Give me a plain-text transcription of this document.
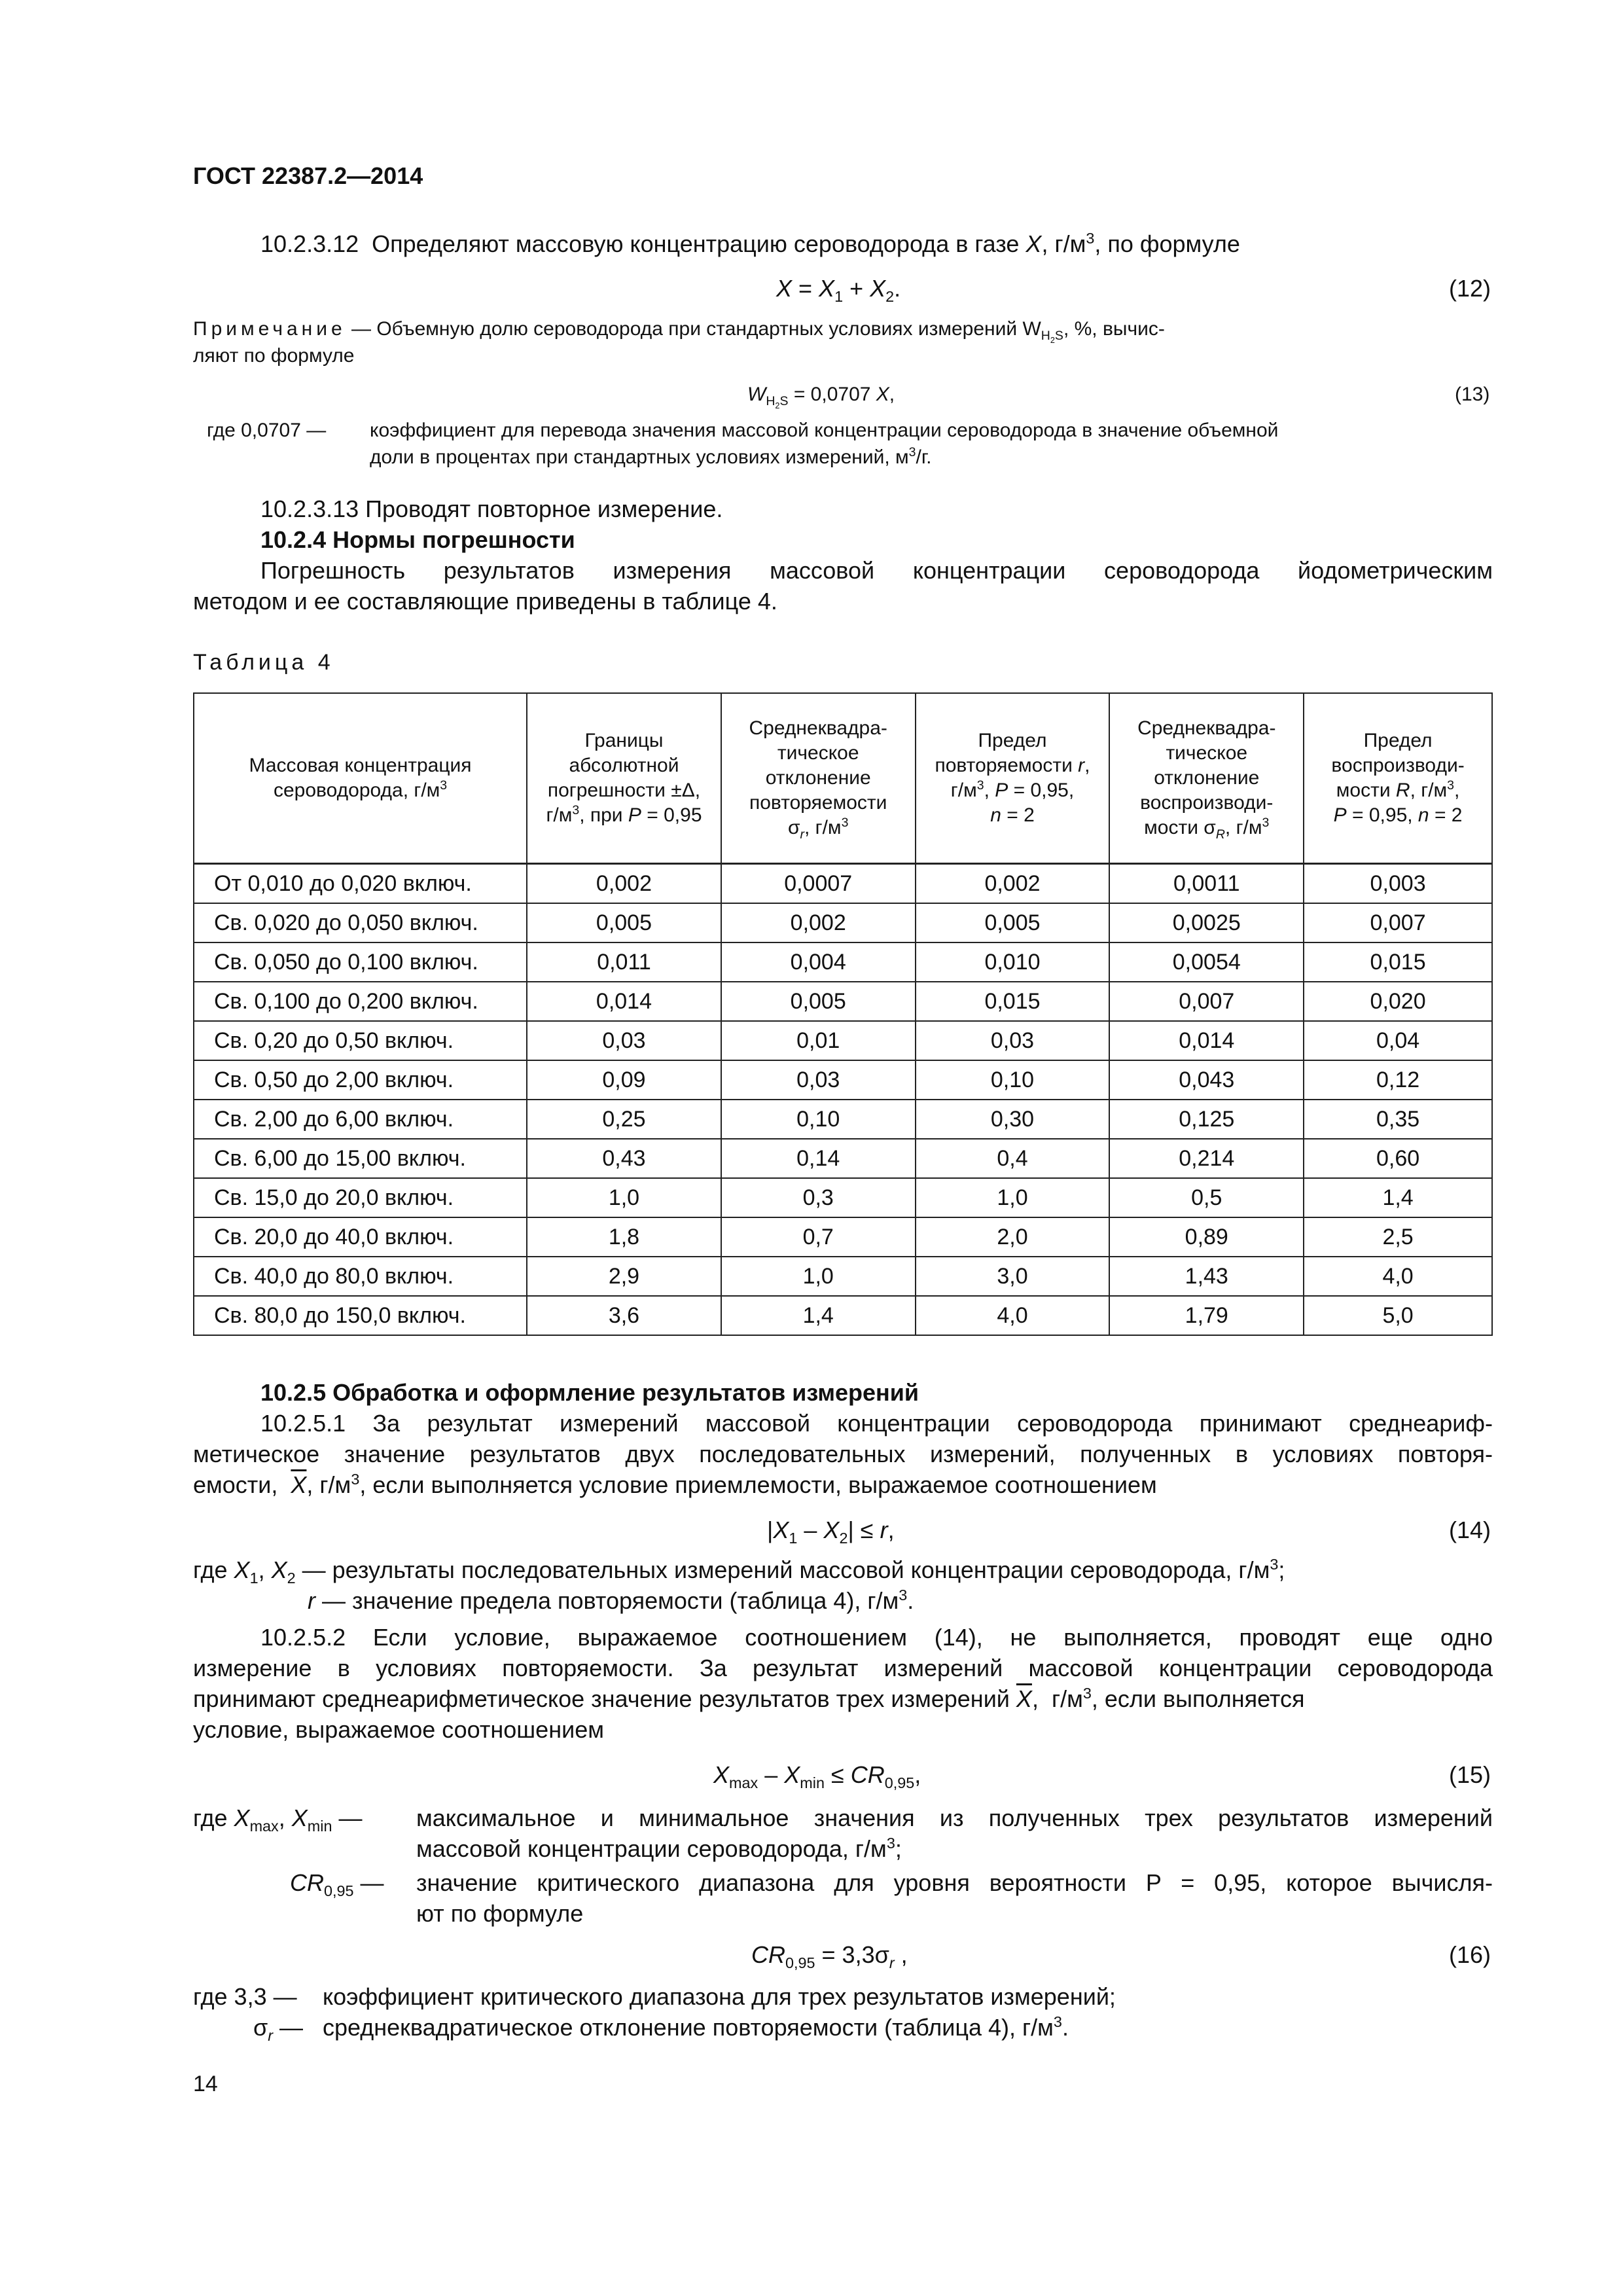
ГОСТ 22387.2—2014
10.2.3.12  Определяют массовую концентрацию сероводорода в газе X, $г/м^3$, по формуле
$X = X_1 + X_2$.	(12)
Примечание — Объемную долю сероводорода при стандартных условиях измерений $W_{H_2S}$, %, вычис-
ляют по формуле
$W_{H_2S} = 0,0707$ X,	(13)
где 0,0707 — коэффициент для перевода значения массовой концентрации сероводорода в значение объемной
доли в процентах при стандартных условиях измерений, $м^3/г$.
10.2.3.13 Проводят повторное измерение.
10.2.4 Нормы погрешности
Погрешность результатов измерения массовой концентрации сероводорода йодометрическим
методом и ее составляющие приведены в таблице 4.
Таблица 4
Массовая концентрация
сероводорода, $г/м^3$	Границы
абсолютной
погрешности ±Δ,
$г/м^3$, при P = 0,95	Среднеквадра-
тическое
отклонение
повторяемости
$\sigma_r$, $г/м^3$	Предел
повторяемости r,
$г/м^3$, P = 0,95,
n = 2	Среднеквадра-
тическое
отклонение
воспроизводи-
мости $\sigma_R$, $г/м^3$	Предел
воспроизводи-
мости R, $г/м^3$,
P = 0,95, n = 2
От 0,010 до 0,020 включ.	0,002	0,0007	0,002	0,0011	0,003
Св. 0,020 до 0,050 включ.	0,005	0,002	0,005	0,0025	0,007
Св. 0,050 до 0,100 включ.	0,011	0,004	0,010	0,0054	0,015
Св. 0,100 до 0,200 включ.	0,014	0,005	0,015	0,007	0,020
Св. 0,20 до 0,50 включ.	0,03	0,01	0,03	0,014	0,04
Св. 0,50 до 2,00 включ.	0,09	0,03	0,10	0,043	0,12
Св. 2,00 до 6,00 включ.	0,25	0,10	0,30	0,125	0,35
Св. 6,00 до 15,00 включ.	0,43	0,14	0,4	0,214	0,60
Св. 15,0 до 20,0 включ.	1,0	0,3	1,0	0,5	1,4
Св. 20,0 до 40,0 включ.	1,8	0,7	2,0	0,89	2,5
Св. 40,0 до 80,0 включ.	2,9	1,0	3,0	1,43	4,0
Св. 80,0 до 150,0 включ.	3,6	1,4	4,0	1,79	5,0
10.2.5 Обработка и оформление результатов измерений
10.2.5.1 За результат измерений массовой концентрации сероводорода принимают среднеариф-
метическое значение результатов двух последовательных измерений, полученных в условиях повторя-
емости,  $\overline{X}$, $г/м^3$, если выполняется условие приемлемости, выражаемое соотношением
$|X_1 - X_2| \le r$,	(14)
где $X_1$, $X_2$ — результаты последовательных измерений массовой концентрации сероводорода, $г/м^3$;
r — значение предела повторяемости (таблица 4), $г/м^3$.
10.2.5.2 Если условие, выражаемое соотношением (14), не выполняется, проводят еще одно
измерение в условиях повторяемости. За результат измерений массовой концентрации сероводорода
принимают среднеарифметическое значение результатов трех измерений $\overline{X}$,  $г/м^3$, если выполняется
условие, выражаемое соотношением
$X_{max} - X_{min} \le CR_{0,95}$,	(15)
где $X_{max}$, $X_{min}$ — максимальное и минимальное значения из полученных трех результатов измерений
массовой концентрации сероводорода, $г/м^3$;
$CR_{0,95}$ — значение критического диапазона для уровня вероятности P = 0,95, которое вычисля-
ют по формуле
$CR_{0,95} = 3,3\sigma_r$ ,	(16)
где 3,3 — коэффициент критического диапазона для трех результатов измерений;
$\sigma_r$ — среднеквадратическое отклонение повторяемости (таблица 4), $г/м^3$.
14
